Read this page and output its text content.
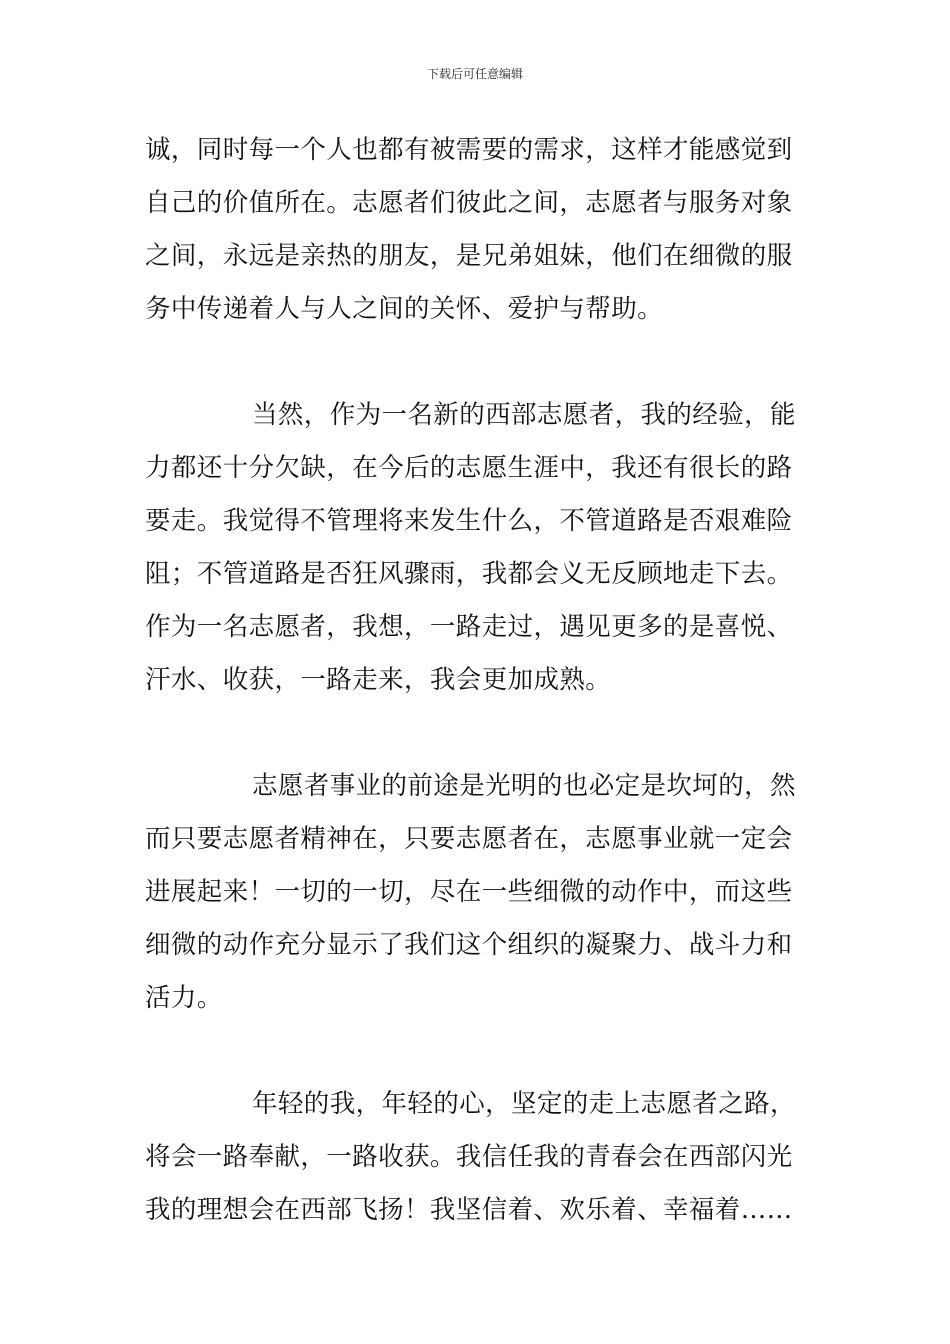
下载后可任意编辑
诚，同时每一个人也都有被需要的需求，这样才能感觉到
自己的价值所在。志愿者们彼此之间，志愿者与服务对象
之间，永远是亲热的朋友，是兄弟姐妹，他们在细微的服
务中传递着人与人之间的关怀、爱护与帮助。
当然，作为一名新的西部志愿者，我的经验，能
力都还十分欠缺，在今后的志愿生涯中，我还有很长的路
要走。我觉得不管理将来发生什么，不管道路是否艰难险
阻；不管道路是否狂风骤雨，我都会义无反顾地走下去。
作为一名志愿者，我想，一路走过，遇见更多的是喜悦、
汗水、收获，一路走来，我会更加成熟。
志愿者事业的前途是光明的也必定是坎坷的，然
而只要志愿者精神在，只要志愿者在，志愿事业就一定会
进展起来！一切的一切，尽在一些细微的动作中，而这些
细微的动作充分显示了我们这个组织的凝聚力、战斗力和
活力。
年轻的我，年轻的心，坚定的走上志愿者之路，
将会一路奉献，一路收获。我信任我的青春会在西部闪光
我的理想会在西部飞扬！我坚信着、欢乐着、幸福着……
